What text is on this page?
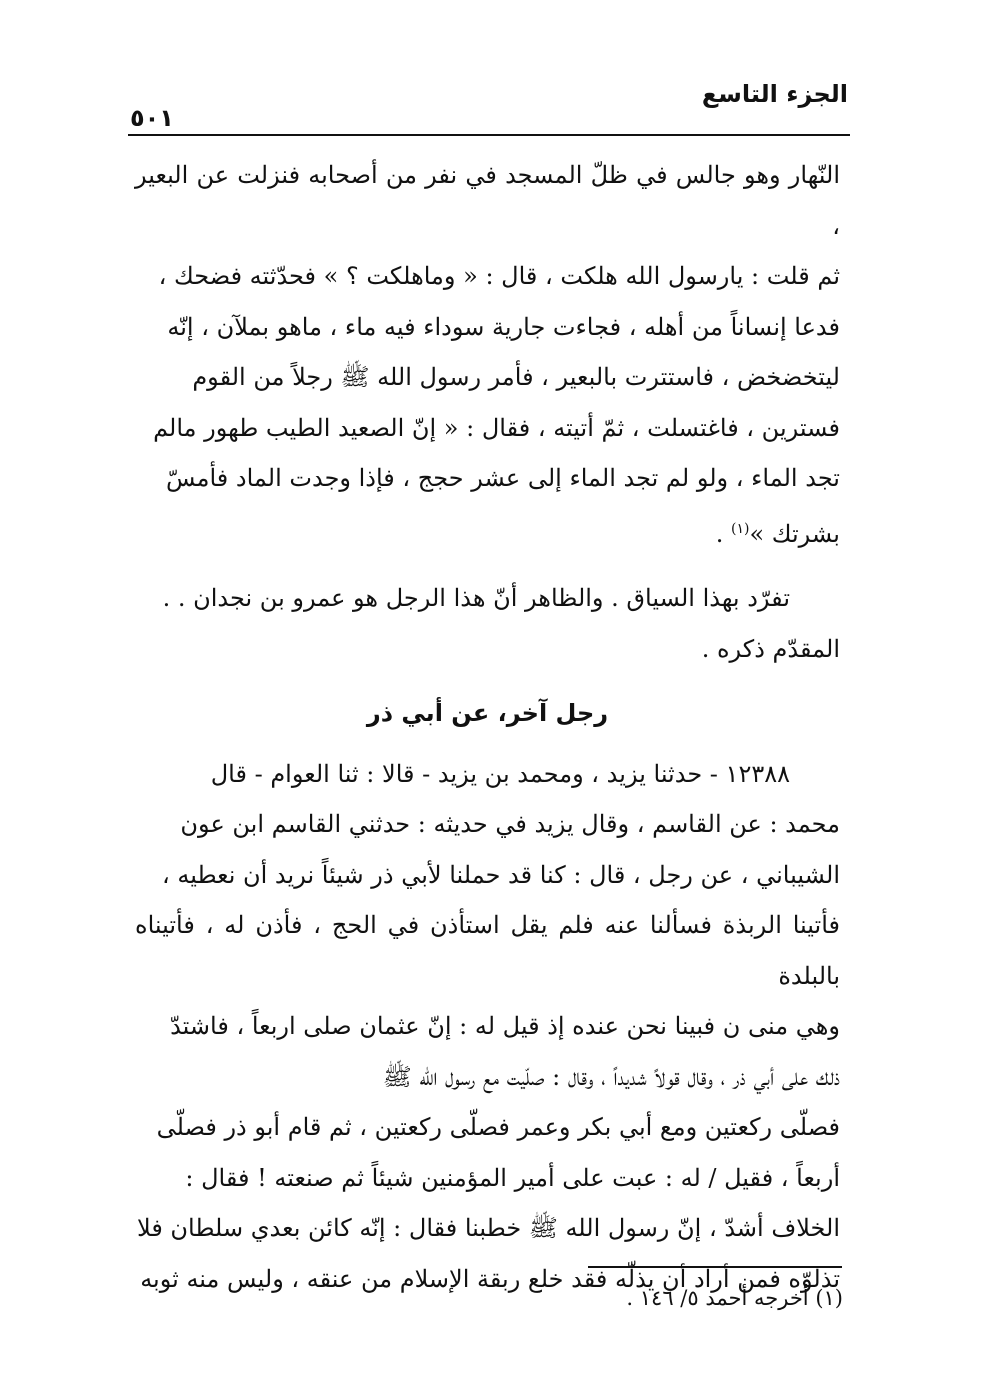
الجزء التاسع
٥٠١

النّهار وهو جالس في ظلّ المسجد في نفر من أصحابه فنزلت عن البعير ،

ثم قلت : يارسول الله هلكت ، قال : « وماهلكت ؟ » فحدّثته فضحك ،

فدعا إنساناً من أهله ، فجاءت جارية سوداء فيه ماء ، ماهو بملآن ، إنّه

ليتخضخض ، فاستترت بالبعير ، فأمر رسول الله ﷺ رجلاً من القوم

فسترين ، فاغتسلت ، ثمّ أتيته ، فقال : « إنّ الصعيد الطيب طهور مالم

تجد الماء ، ولو لم تجد الماء إلى عشر حجج ، فإذا وجدت الماد فأمسّ

بشرتك »$^{(١)}$ .

تفرّد بهذا السياق . والظاهر أنّ هذا الرجل هو عمرو بن نجدان . .

المقدّم ذكره .

رجل آخر، عن أبي ذر

١٢٣٨٨ - حدثنا يزيد ، ومحمد بن يزيد - قالا : ثنا العوام - قال

محمد : عن القاسم ، وقال يزيد في حديثه : حدثني القاسم ابن عون

الشيباني ، عن رجل ، قال : كنا قد حملنا لأبي ذر شيئاً نريد أن نعطيه ،

فأتينا الربذة فسألنا عنه فلم يقل استأذن في الحج ، فأذن له ، فأتيناه بالبلدة

وهي منى ن فبينا نحن عنده إذ قيل له : إنّ عثمان صلى اربعاً ، فاشتدّ

ذلك على أبي ذر ، وقال قولاً شديداً ، وقال : صلّيت مع رسول الله ﷺ

فصلّى ركعتين ومع أبي بكر وعمر فصلّى ركعتين ، ثم قام أبو ذر فصلّى

أربعاً ، فقيل / له : عبت على أمير المؤمنين شيئاً ثم صنعته ! فقال :

الخلاف أشدّ ، إنّ رسول الله ﷺ خطبنا فقال : إنّه كائن بعدي سلطان فلا

تذلوّه فمن أراد أن يذلّه فقد خلع ربقة الإسلام من عنقه ، وليس منه ثوبه

(١) أخرجه أحمد ٥/ ١٤٦ .
